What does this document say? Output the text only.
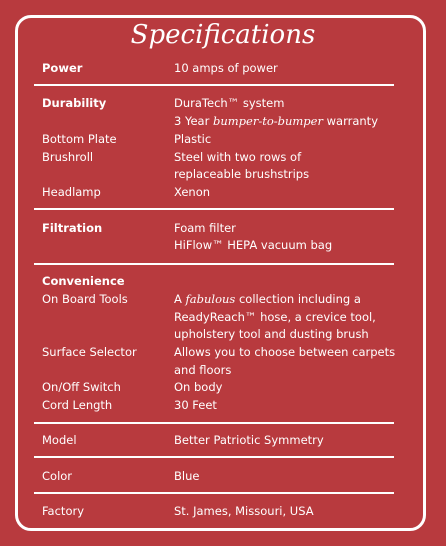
Specifications
Power	10 amps of power
Durability	DuraTech™ system
3 Year bumper-to-bumper warranty
Bottom Plate	Plastic
Brushroll	Steel with two rows of
replaceable brushstrips
Headlamp	Xenon
Filtration	Foam filter
HiFlow™ HEPA vacuum bag
Convenience
On Board Tools	A fabulous collection including a
ReadyReach™ hose, a crevice tool,
upholstery tool and dusting brush
Surface Selector	Allows you to choose between carpets
and floors
On/Off Switch	On body
Cord Length	30 Feet
Model	Better Patriotic Symmetry
Color	Blue
Factory	St. James, Missouri, USA
